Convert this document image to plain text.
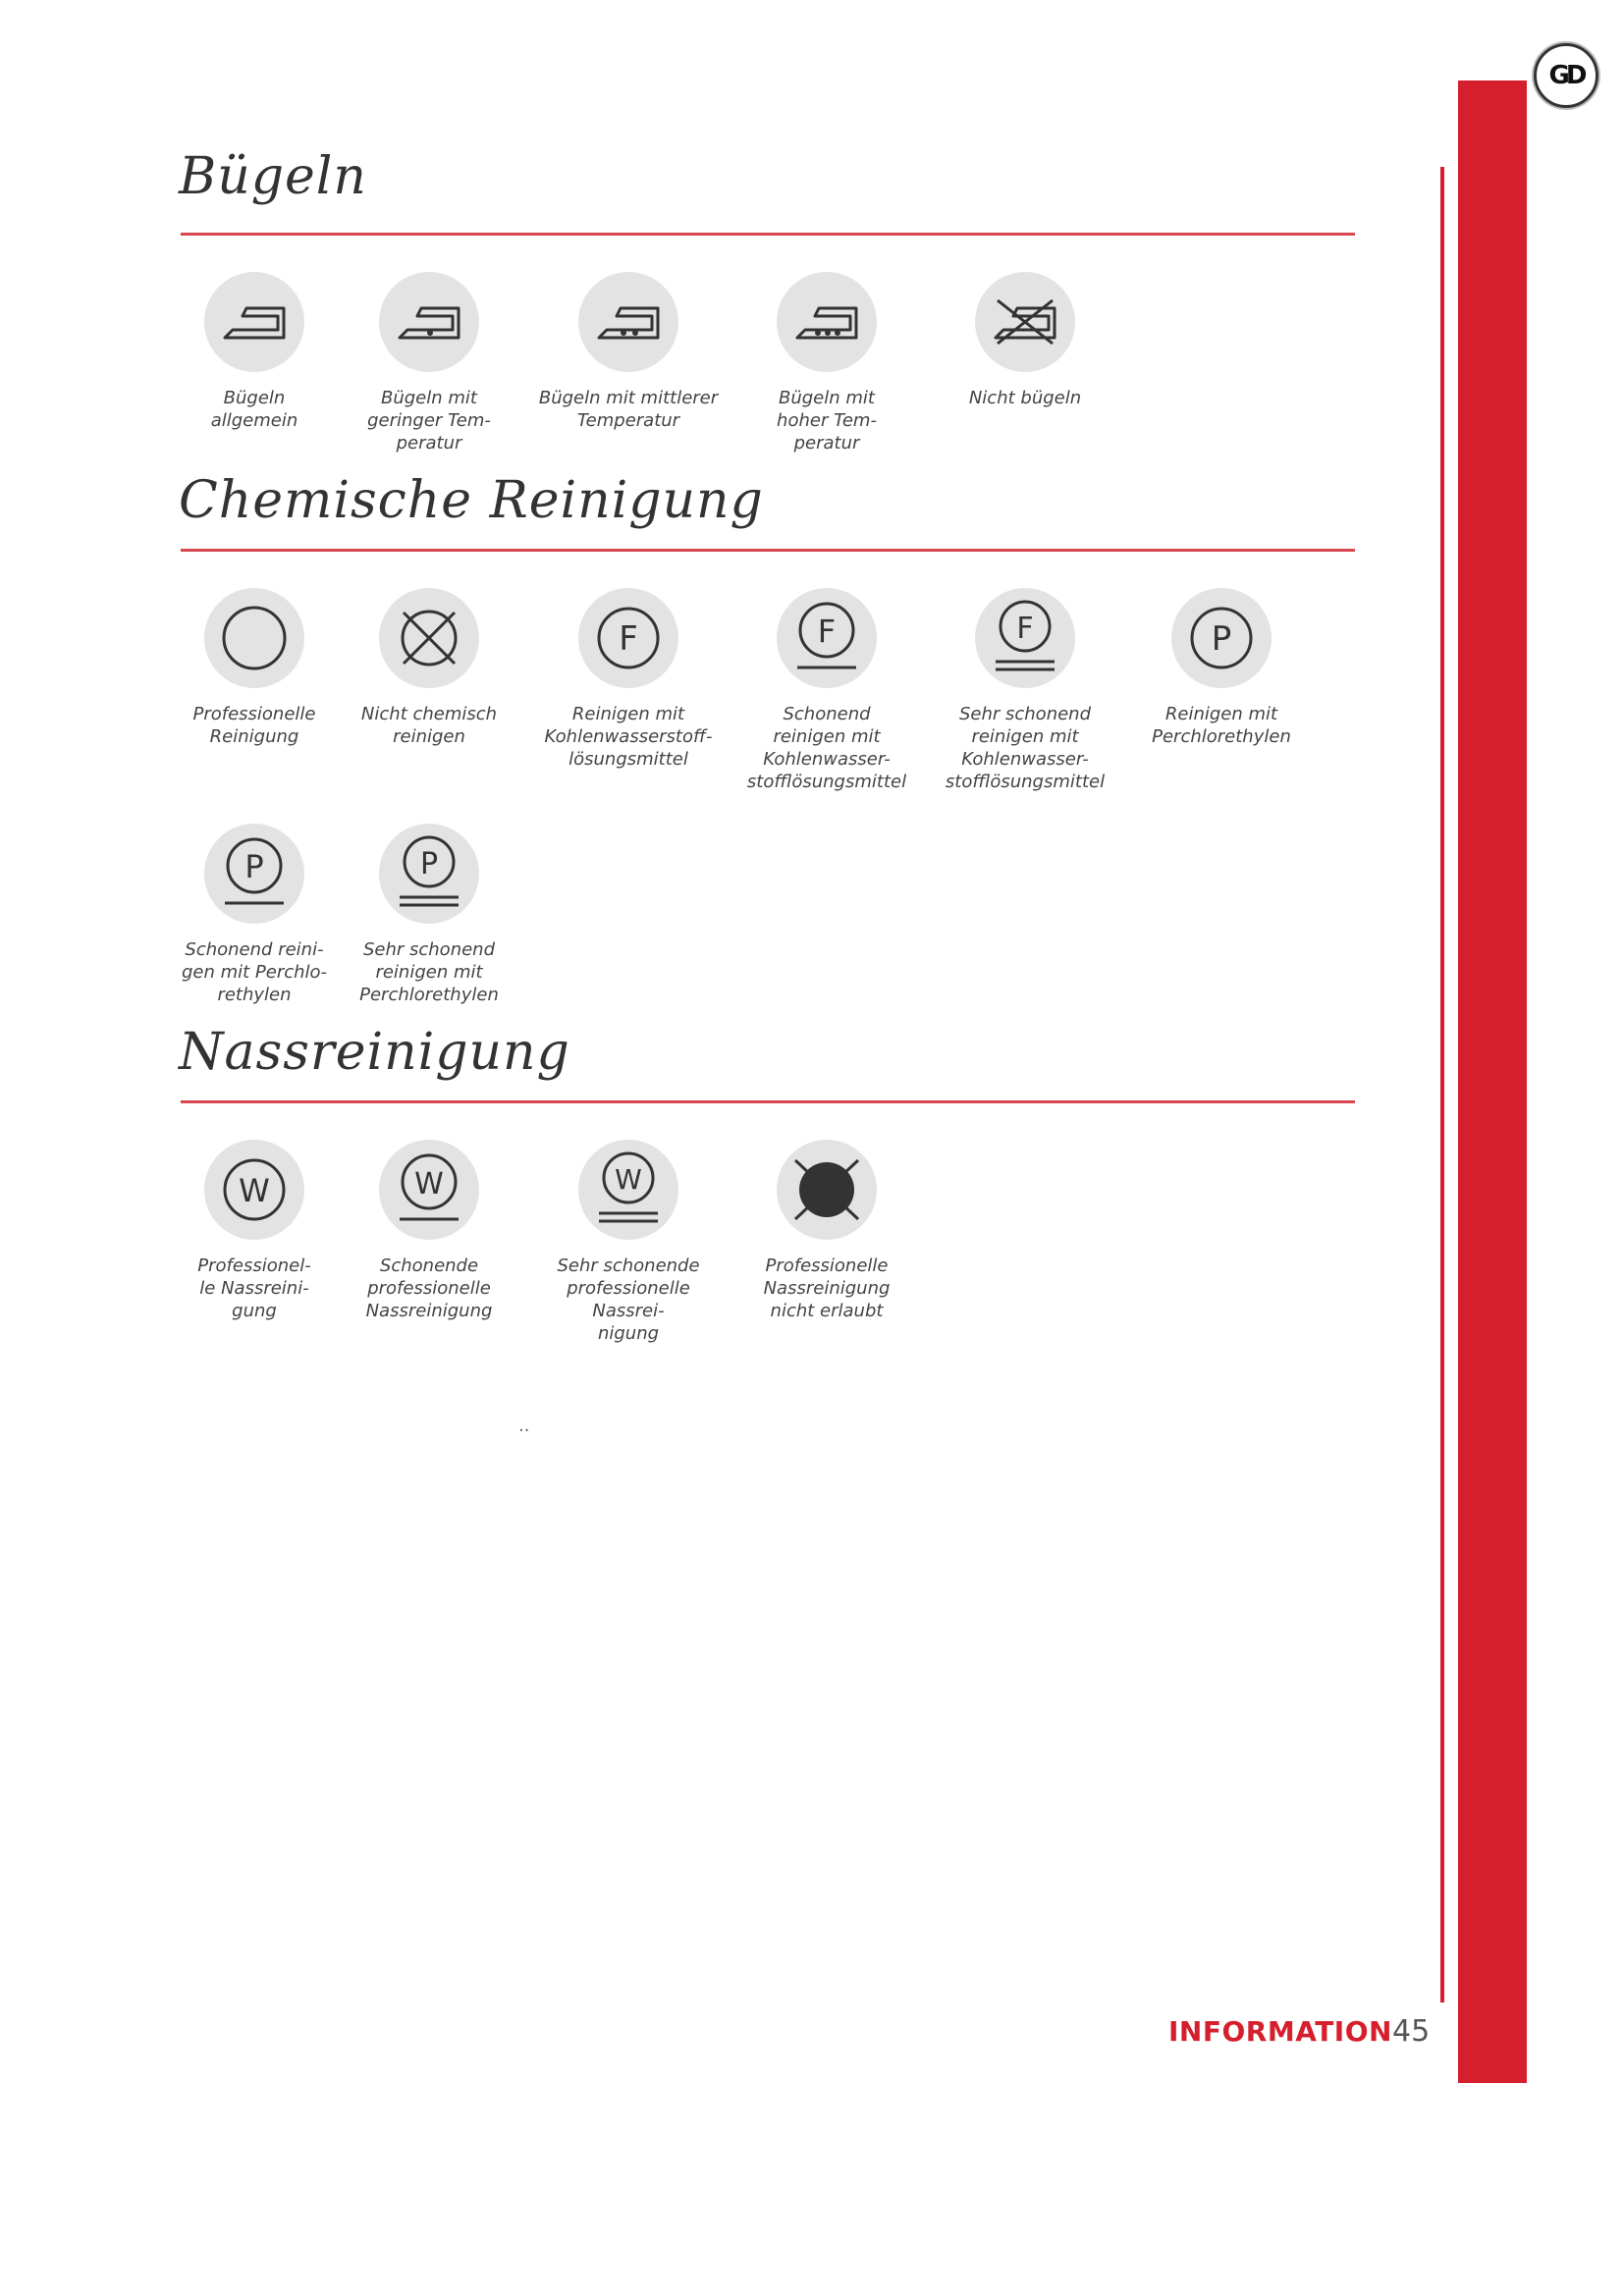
GD
Bügeln
Bügeln
allgemein
Bügeln mit
geringer Tem-
peratur
Bügeln mit mittlerer
Temperatur
Bügeln mit
hoher Tem-
peratur
Nicht bügeln
Chemische Reinigung
Professionelle
Reinigung
Nicht chemisch
reinigen
F
Reinigen mit
Kohlenwasserstoff-
lösungsmittel
F
Schonend
reinigen mit
Kohlenwasser-
stofflösungsmittel
F
Sehr schonend
reinigen mit
Kohlenwasser-
stofflösungsmittel
P
Reinigen mit
Perchlorethylen
P
Schonend reini-
gen mit Perchlo-
rethylen
P
Sehr schonend
reinigen mit
Perchlorethylen
Nassreinigung
W
Professionel-
le Nassreini-
gung
W
Schonende
professionelle
Nassreinigung
W
Sehr schonende
professionelle Nassrei-
nigung
Professionelle
Nassreinigung
nicht erlaubt
..
INFORMATION 45
